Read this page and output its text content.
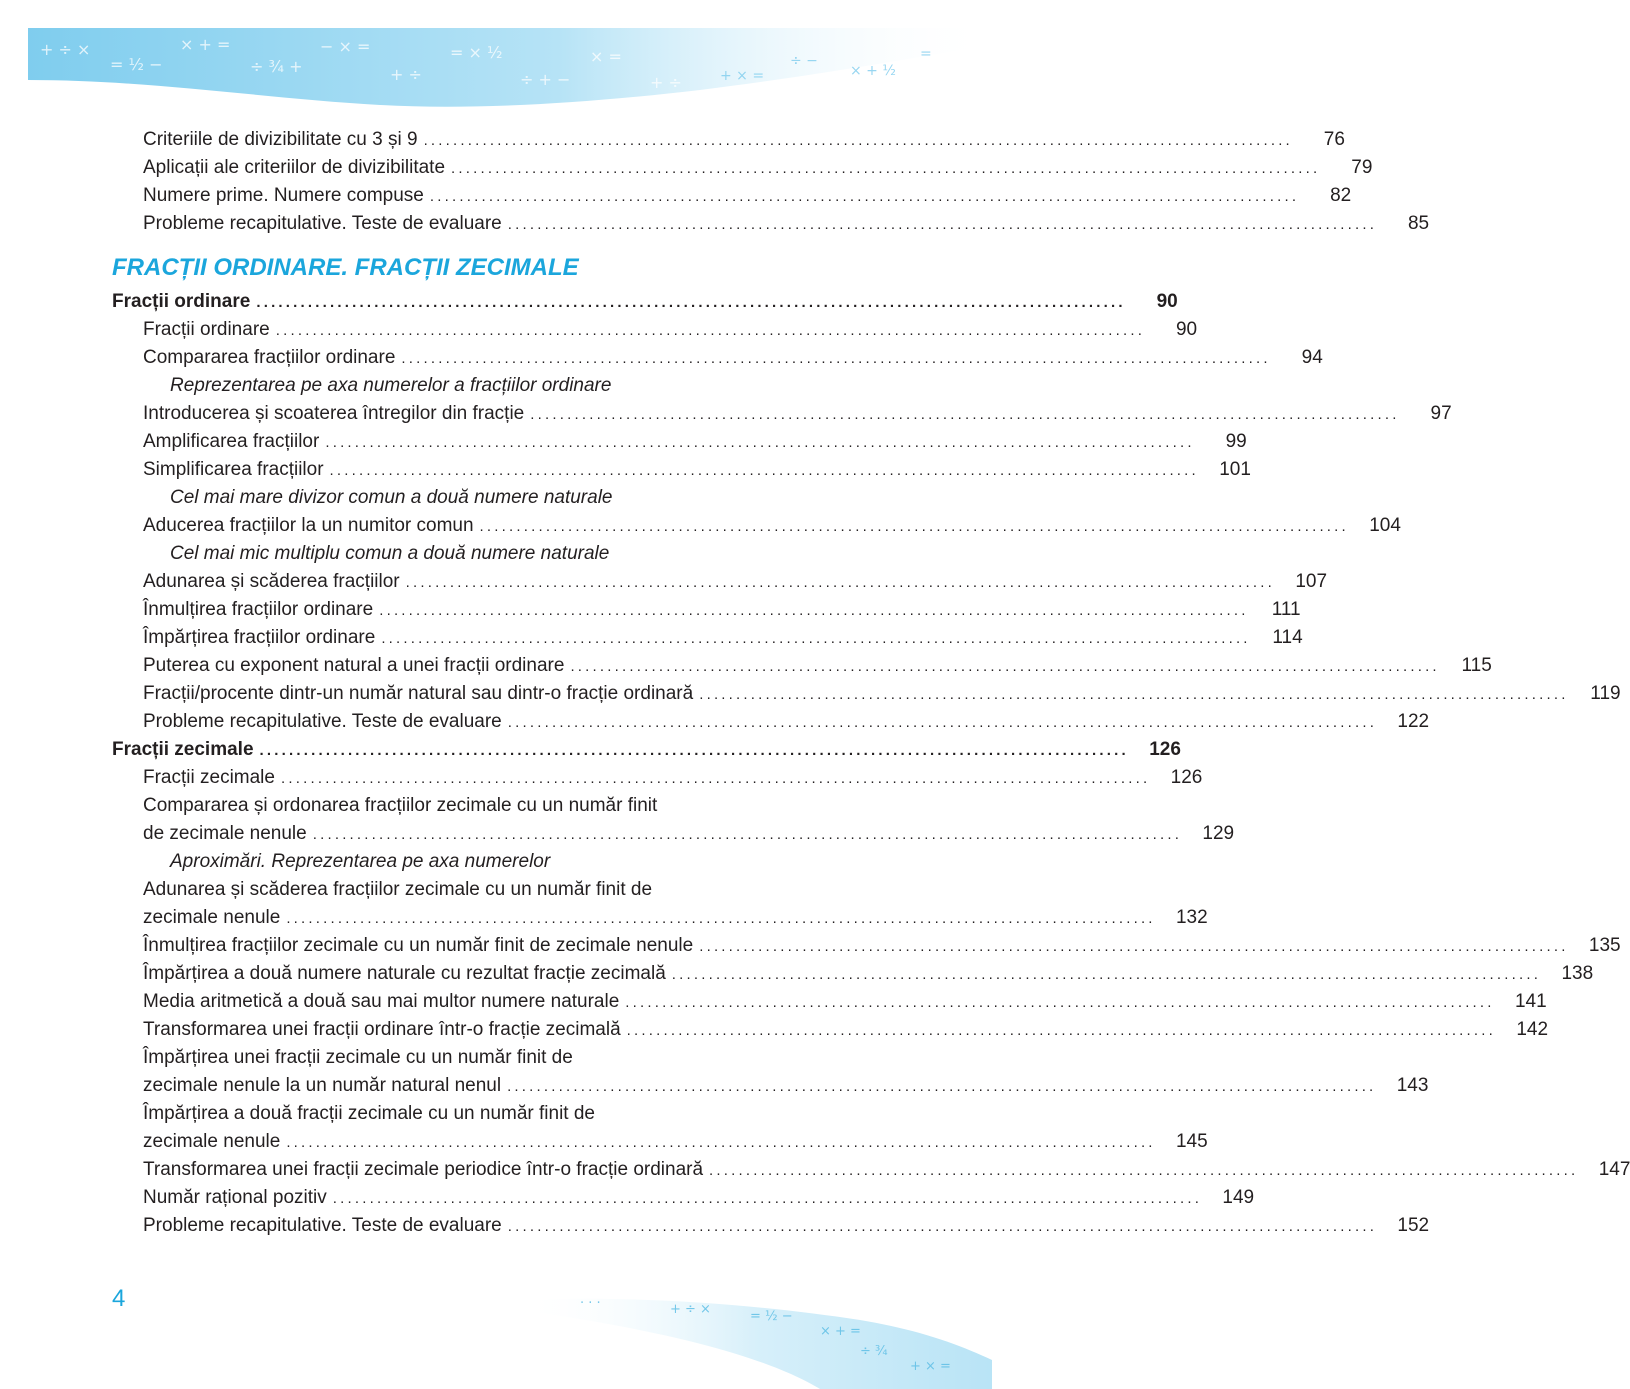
+ ÷ ×
= ½ −
× + =
÷ ¾ +
− × =
+ ÷
= × ½
÷ + −
× =
+ ÷	+ × =
÷ −
× + ½
=
Criteriile de divizibilitate cu 3 și 9 ......................................................................................................................	76
Aplicații ale criteriilor de divizibilitate ......................................................................................................................	79
Numere prime. Numere compuse ......................................................................................................................	82
Probleme recapitulative. Teste de evaluare ......................................................................................................................	85
FRACȚII ORDINARE. FRACȚII ZECIMALE
Fracții ordinare ......................................................................................................................	90
Fracții ordinare ......................................................................................................................	90
Compararea fracțiilor ordinare ......................................................................................................................	94
Reprezentarea pe axa numerelor a fracțiilor ordinare
Introducerea și scoaterea întregilor din fracție ......................................................................................................................	97
Amplificarea fracțiilor ......................................................................................................................	99
Simplificarea fracțiilor ......................................................................................................................	101
Cel mai mare divizor comun a două numere naturale
Aducerea fracțiilor la un numitor comun ......................................................................................................................	104
Cel mai mic multiplu comun a două numere naturale
Adunarea și scăderea fracțiilor ......................................................................................................................	107
Înmulțirea fracțiilor ordinare ......................................................................................................................	111
Împărțirea fracțiilor ordinare ......................................................................................................................	114
Puterea cu exponent natural a unei fracții ordinare ......................................................................................................................	115
Fracții/procente dintr-un număr natural sau dintr-o fracție ordinară ......................................................................................................................	119
Probleme recapitulative. Teste de evaluare ......................................................................................................................	122
Fracții zecimale ......................................................................................................................	126
Fracții zecimale ......................................................................................................................	126
Compararea și ordonarea fracțiilor zecimale cu un număr finit
de zecimale nenule ......................................................................................................................	129
Aproximări. Reprezentarea pe axa numerelor
Adunarea și scăderea fracțiilor zecimale cu un număr finit de
zecimale nenule ......................................................................................................................	132
Înmulțirea fracțiilor zecimale cu un număr finit de zecimale nenule ......................................................................................................................	135
Împărțirea a două numere naturale cu rezultat fracție zecimală ......................................................................................................................	138
Media aritmetică a două sau mai multor numere naturale ......................................................................................................................	141
Transformarea unei fracții ordinare într-o fracție zecimală ......................................................................................................................	142
Împărțirea unei fracții zecimale cu un număr finit de
zecimale nenule la un număr natural nenul ......................................................................................................................	143
Împărțirea a două fracții zecimale cu un număr finit de
zecimale nenule ......................................................................................................................	145
Transformarea unei fracții zecimale periodice într-o fracție ordinară ......................................................................................................................	147
Număr rațional pozitiv ......................................................................................................................	149
Probleme recapitulative. Teste de evaluare ......................................................................................................................	152
4	· · ·	+ ÷ ×	= ½ −
× + =
÷ ¾
+ × =
